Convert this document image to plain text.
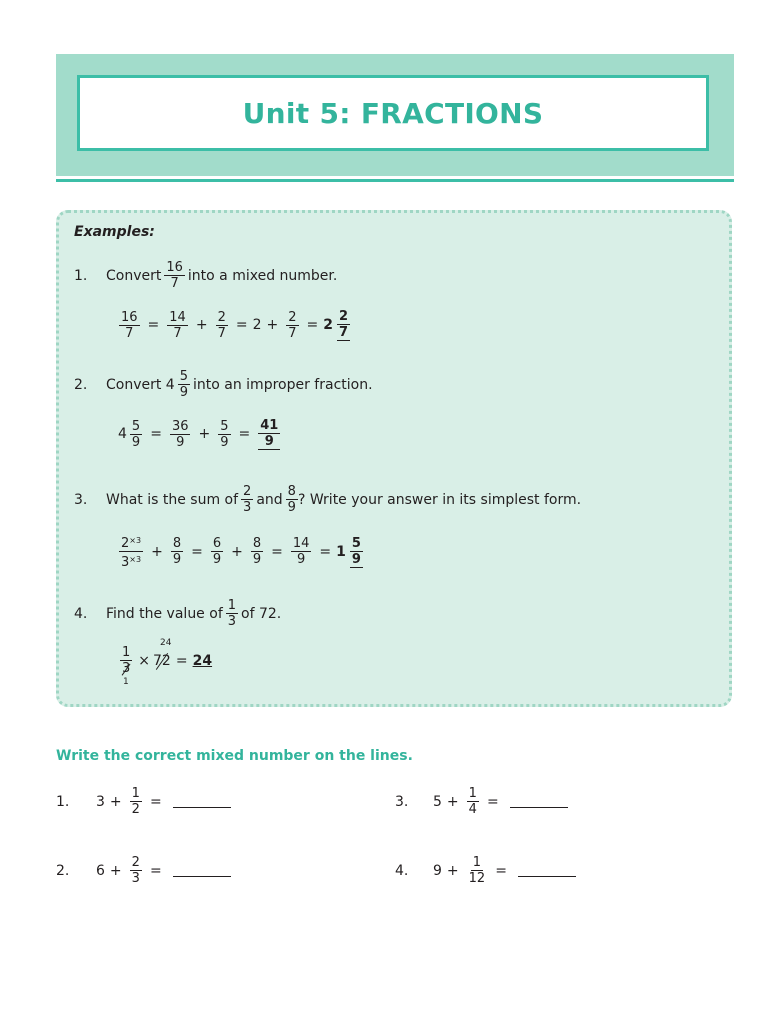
Unit 5: FRACTIONS
Examples:
1.	Convert $\frac{16}{7}$ into a mixed number.
$\frac{16}{7} = \frac{14}{7} + \frac{2}{7} = 2 + \frac{2}{7} = 2 \frac{2}{7}$
2.	Convert $4 \frac{5}{9}$ into an improper fraction.
$4 \frac{5}{9} = \frac{36}{9} + \frac{5}{9} = \frac{41}{9}$
3.	What is the sum of $\frac{2}{3}$ and $\frac{8}{9}$ ? Write your answer in its simplest form.
$\frac{2^{\times 3}}{3^{\times 3}} + \frac{8}{9} = \frac{6}{9} + \frac{8}{9} = \frac{14}{9} = 1 \frac{5}{9}$
4.	Find the value of $\frac{1}{3}$ of 72.
24
$\frac{1}{3} \times 72 = 24$
1
Write the correct mixed number on the lines.
1.	$3 + \frac{1}{2}$ =
2.	$6 + \frac{2}{3}$ =
3.	$5 + \frac{1}{4}$ =
4.	$9 + \frac{1}{12}$ =
